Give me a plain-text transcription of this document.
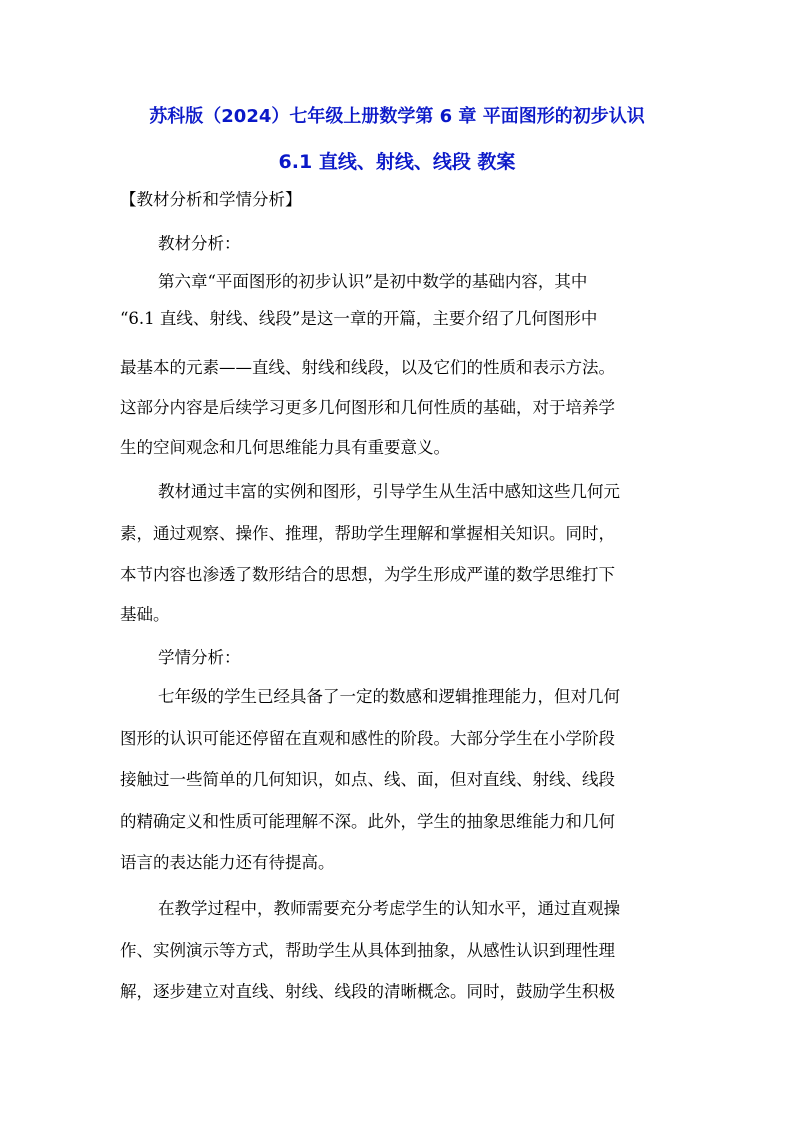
苏科版（2024）七年级上册数学第 6 章 平面图形的初步认识
6.1 直线、射线、线段 教案
【教材分析和学情分析】
教材分析：
第六章“平面图形的初步认识”是初中数学的基础内容，其中
“6.1 直线、射线、线段”是这一章的开篇，主要介绍了几何图形中
最基本的元素——直线、射线和线段，以及它们的性质和表示方法。
这部分内容是后续学习更多几何图形和几何性质的基础，对于培养学
生的空间观念和几何思维能力具有重要意义。
教材通过丰富的实例和图形，引导学生从生活中感知这些几何元
素，通过观察、操作、推理，帮助学生理解和掌握相关知识。同时，
本节内容也渗透了数形结合的思想，为学生形成严谨的数学思维打下
基础。
学情分析：
七年级的学生已经具备了一定的数感和逻辑推理能力，但对几何
图形的认识可能还停留在直观和感性的阶段。大部分学生在小学阶段
接触过一些简单的几何知识，如点、线、面，但对直线、射线、线段
的精确定义和性质可能理解不深。此外，学生的抽象思维能力和几何
语言的表达能力还有待提高。
在教学过程中，教师需要充分考虑学生的认知水平，通过直观操
作、实例演示等方式，帮助学生从具体到抽象，从感性认识到理性理
解，逐步建立对直线、射线、线段的清晰概念。同时，鼓励学生积极
